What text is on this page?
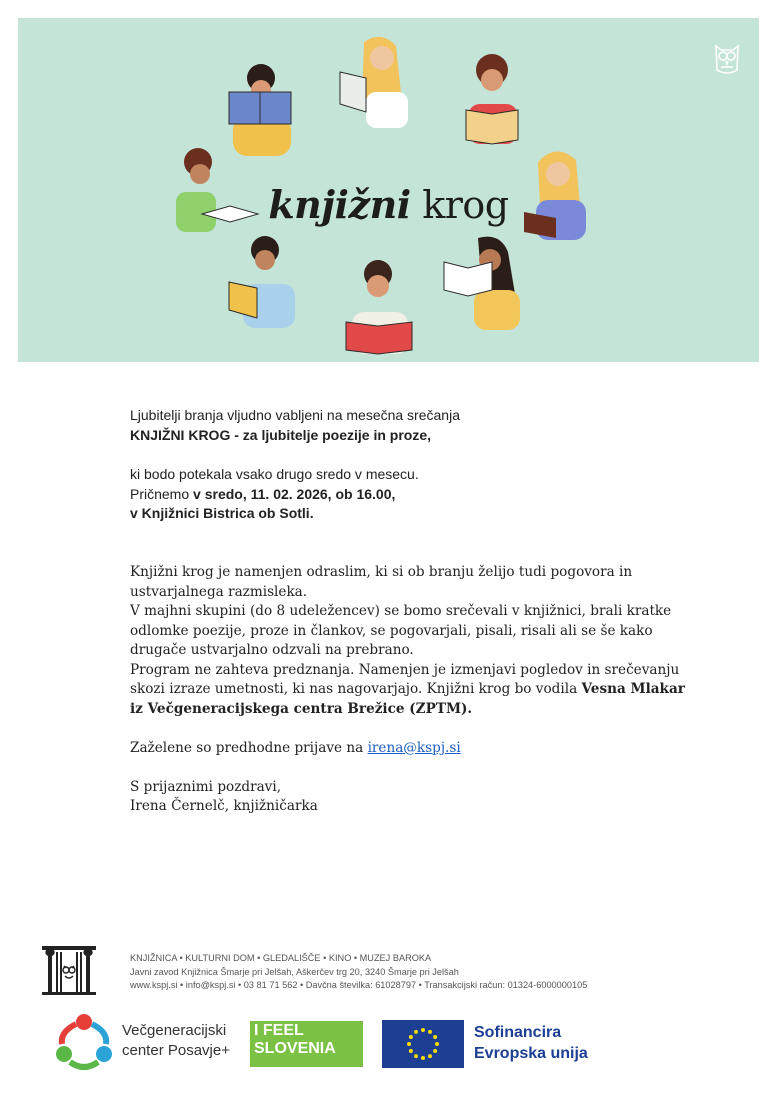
knjižni krog
Ljubitelji branja vljudno vabljeni na mesečna srečanja
KNJIŽNI KROG - za ljubitelje poezije in proze,
ki bodo potekala vsako drugo sredo v mesecu.
Pričnemo v sredo, 11. 02. 2026, ob 16.00,
v Knjižnici Bistrica ob Sotli.

Knjižni krog je namenjen odraslim, ki si ob branju želijo tudi pogovora in ustvarjalnega razmisleka.

V majhni skupini (do 8 udeležencev) se bomo srečevali v knjižnici, brali kratke odlomke poezije, proze in člankov, se pogovarjali, pisali, risali ali se še kako drugače ustvarjalno odzvali na prebrano.

Program ne zahteva predznanja. Namenjen je izmenjavi pogledov in srečevanju skozi izraze umetnosti, ki nas nagovarjajo. Knjižni krog bo vodila Vesna Mlakar iz Večgeneracijskega centra Brežice (ZPTM).

Zaželene so predhodne prijave na irena@kspj.si

S prijaznimi pozdravi,

Irena Černelč, knjižničarka

KNJIŽNICA • KULTURNI DOM • GLEDALIŠČE • KINO • MUZEJ BAROKA
Javni zavod Knjižnica Šmarje pri Jelšah, Aškerčev trg 20, 3240 Šmarje pri Jelšah
www.kspj.si • info@kspj.si • 03 81 71 562 • Davčna številka: 61028797 • Transakcijski račun: 01324-6000000105
Večgeneracijski
center Posavje+
I FEEL
SLOVENIA
Sofinancira
Evropska unija
